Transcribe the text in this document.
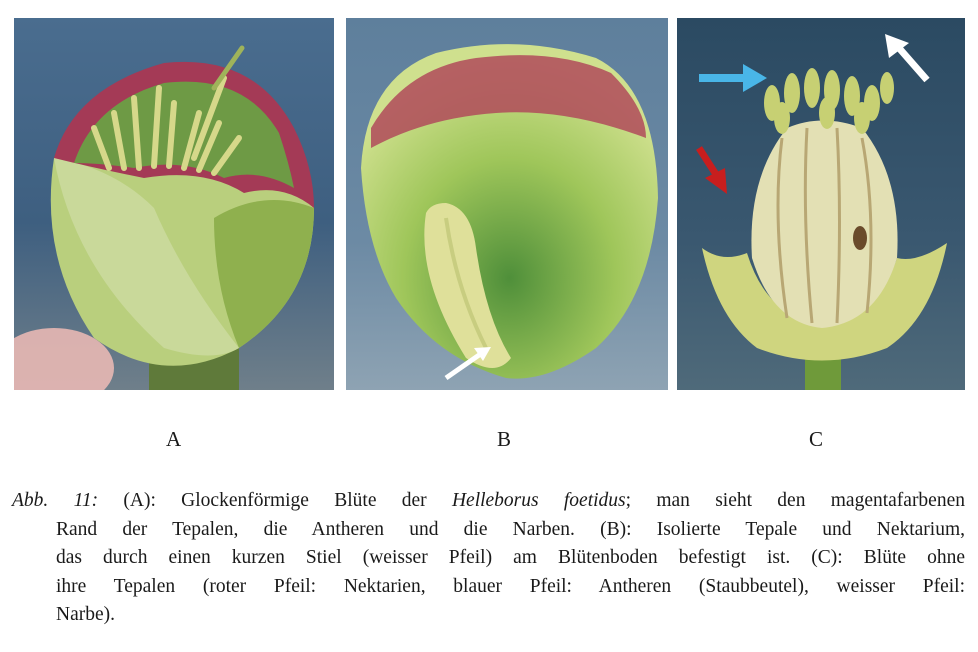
A	B	C
Abb. 11: (A): Glockenförmige Blüte der Helleborus foetidus; man sieht den magentafarbenen
Rand der Tepalen, die Antheren und die Narben. (B): Isolierte Tepale und Nektarium,
das durch einen kurzen Stiel (weisser Pfeil) am Blütenboden befestigt ist. (C): Blüte ohne
ihre Tepalen (roter Pfeil: Nektarien, blauer Pfeil: Antheren (Staubbeutel), weisser Pfeil:
Narbe).
